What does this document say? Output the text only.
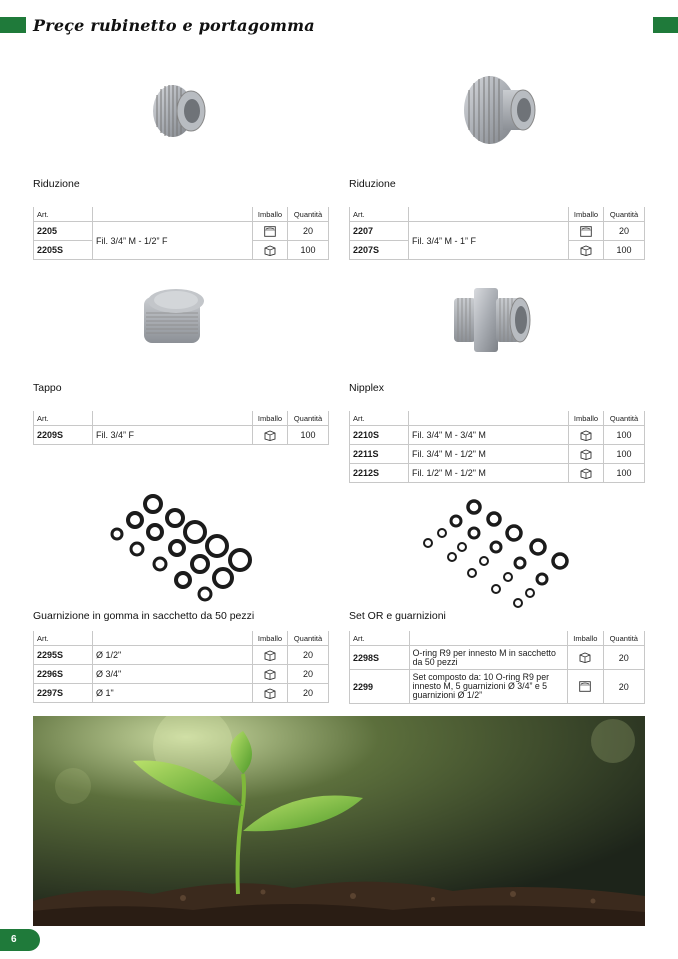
Preçe rubinetto e portagomma
Riduzione
Art.		Imballo	Quantità
2205	Fil. 3/4” M - 1/2” F		20
2205S			100
Riduzione
Art.		Imballo	Quantità
2207	Fil. 3/4” M - 1” F		20
2207S			100
Tappo
Art.		Imballo	Quantità
2209S	Fil. 3/4” F		100
Nipplex
Art.		Imballo	Quantità
2210S	Fil. 3/4" M - 3/4" M		100
2211S	Fil. 3/4" M - 1/2" M		100
2212S	Fil. 1/2" M - 1/2" M		100
Guarnizione in gomma in sacchetto da 50 pezzi
Art.		Imballo	Quantità
2295S	Ø 1/2"		20
2296S	Ø 3/4"		20
2297S	Ø 1"		20
Set OR e guarnizioni
Art.		Imballo	Quantità
2298S	O-ring R9 per innesto M in sacchetto da 50 pezzi		20
2299	Set composto da: 10 O-ring R9 per innesto M, 5 guarnizioni Ø 3/4” e 5 guarnizioni Ø 1/2”		20
6
